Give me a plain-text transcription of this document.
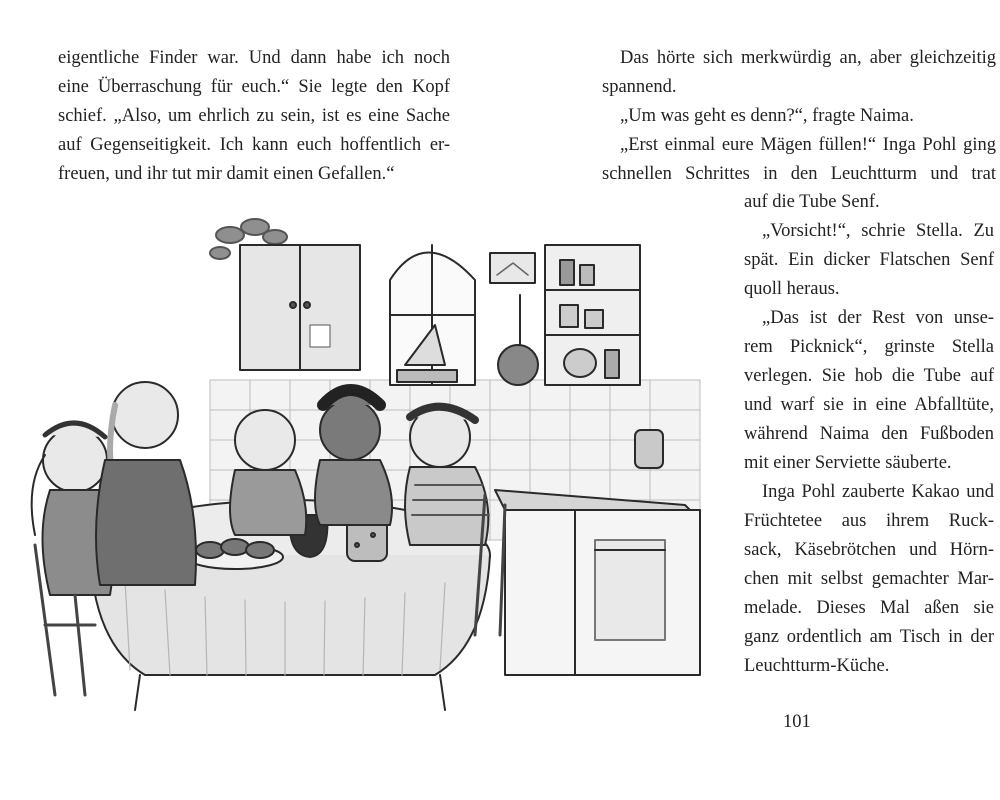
eigentliche Finder war. Und dann habe ich noch
eine Überraschung für euch.“ Sie legte den Kopf
schief. „Also, um ehrlich zu sein, ist es eine Sache
auf Gegenseitigkeit. Ich kann euch hoffentlich er-
freuen, und ihr tut mir damit einen Gefallen.“
Das hörte sich merkwürdig an, aber gleichzeitig
spannend.
„Um was geht es denn?“, fragte Naima.
„Erst einmal eure Mägen füllen!“ Inga Pohl ging
schnellen Schrittes in den Leuchtturm und trat
auf die Tube Senf.
„Vorsicht!“, schrie Stella. Zu
spät. Ein dicker Flatschen Senf
quoll heraus.
„Das ist der Rest von unse-
rem Picknick“, grinste Stella
verlegen. Sie hob die Tube auf
und warf sie in eine Abfalltüte,
während Naima den Fußboden
mit einer Serviette säuberte.
Inga Pohl zauberte Kakao und
Früchtetee aus ihrem Ruck-
sack, Käsebrötchen und Hörn-
chen mit selbst gemachter Mar-
melade. Dieses Mal aßen sie
ganz ordentlich am Tisch in der
Leuchtturm-Küche.
101
